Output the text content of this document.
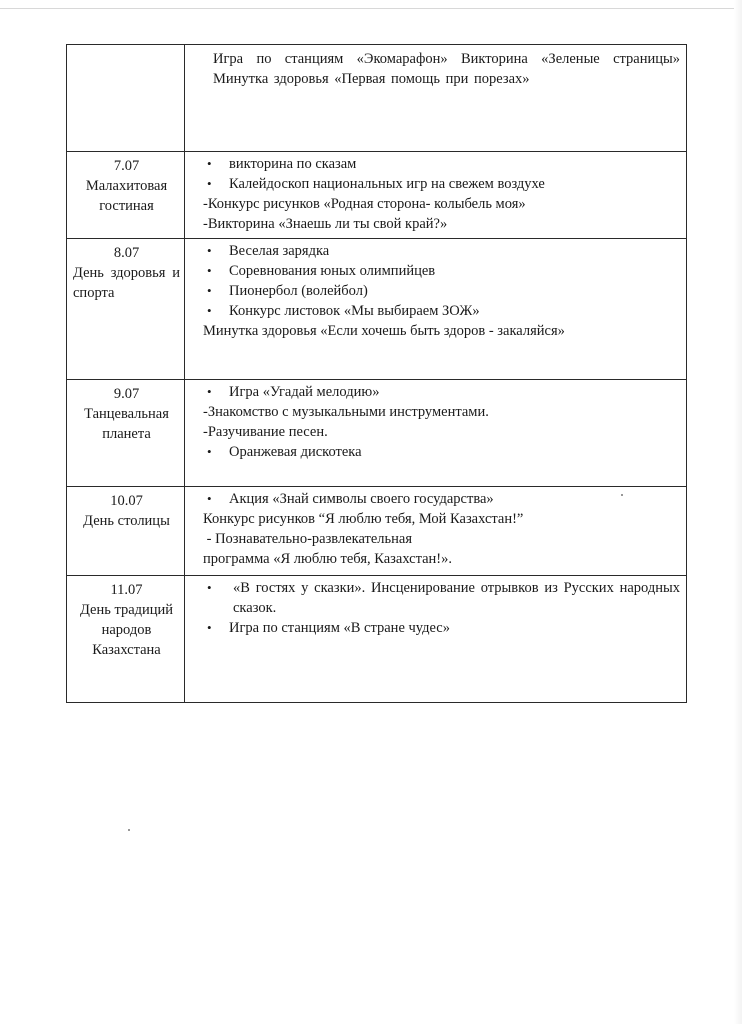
	Игра по станциям «Экомарафон» Викторина «Зеленые страницы» Минутка здоровья «Первая помощь при порезах»

7.07
Малахитовая гостиная	• викторина по сказам
• Калейдоскоп национальных игр на свежем воздухе
-Конкурс рисунков «Родная сторона- колыбель моя»
-Викторина «Знаешь ли ты свой край?»

8.07
День здоровья и спорта	• Веселая зарядка
• Соревнования юных олимпийцев
• Пионербол (волейбол)
• Конкурс листовок «Мы выбираем ЗОЖ»
Минутка здоровья «Если хочешь быть здоров - закаляйся»

9.07
Танцевальная планета	• Игра «Угадай мелодию»
-Знакомство с музыкальными инструментами.
-Разучивание песен.
• Оранжевая дискотека

10.07
День столицы	• Акция «Знай символы своего государства»
Конкурс рисунков “Я люблю тебя, Мой Казахстан!”
- Познавательно-развлекательная
программа «Я люблю тебя, Казахстан!».

11.07
День традиций народов Казахстана	• «В гостях у сказки». Инсценирование отрывков из Русских народных сказок.
• Игра по станциям «В стране чудес»
